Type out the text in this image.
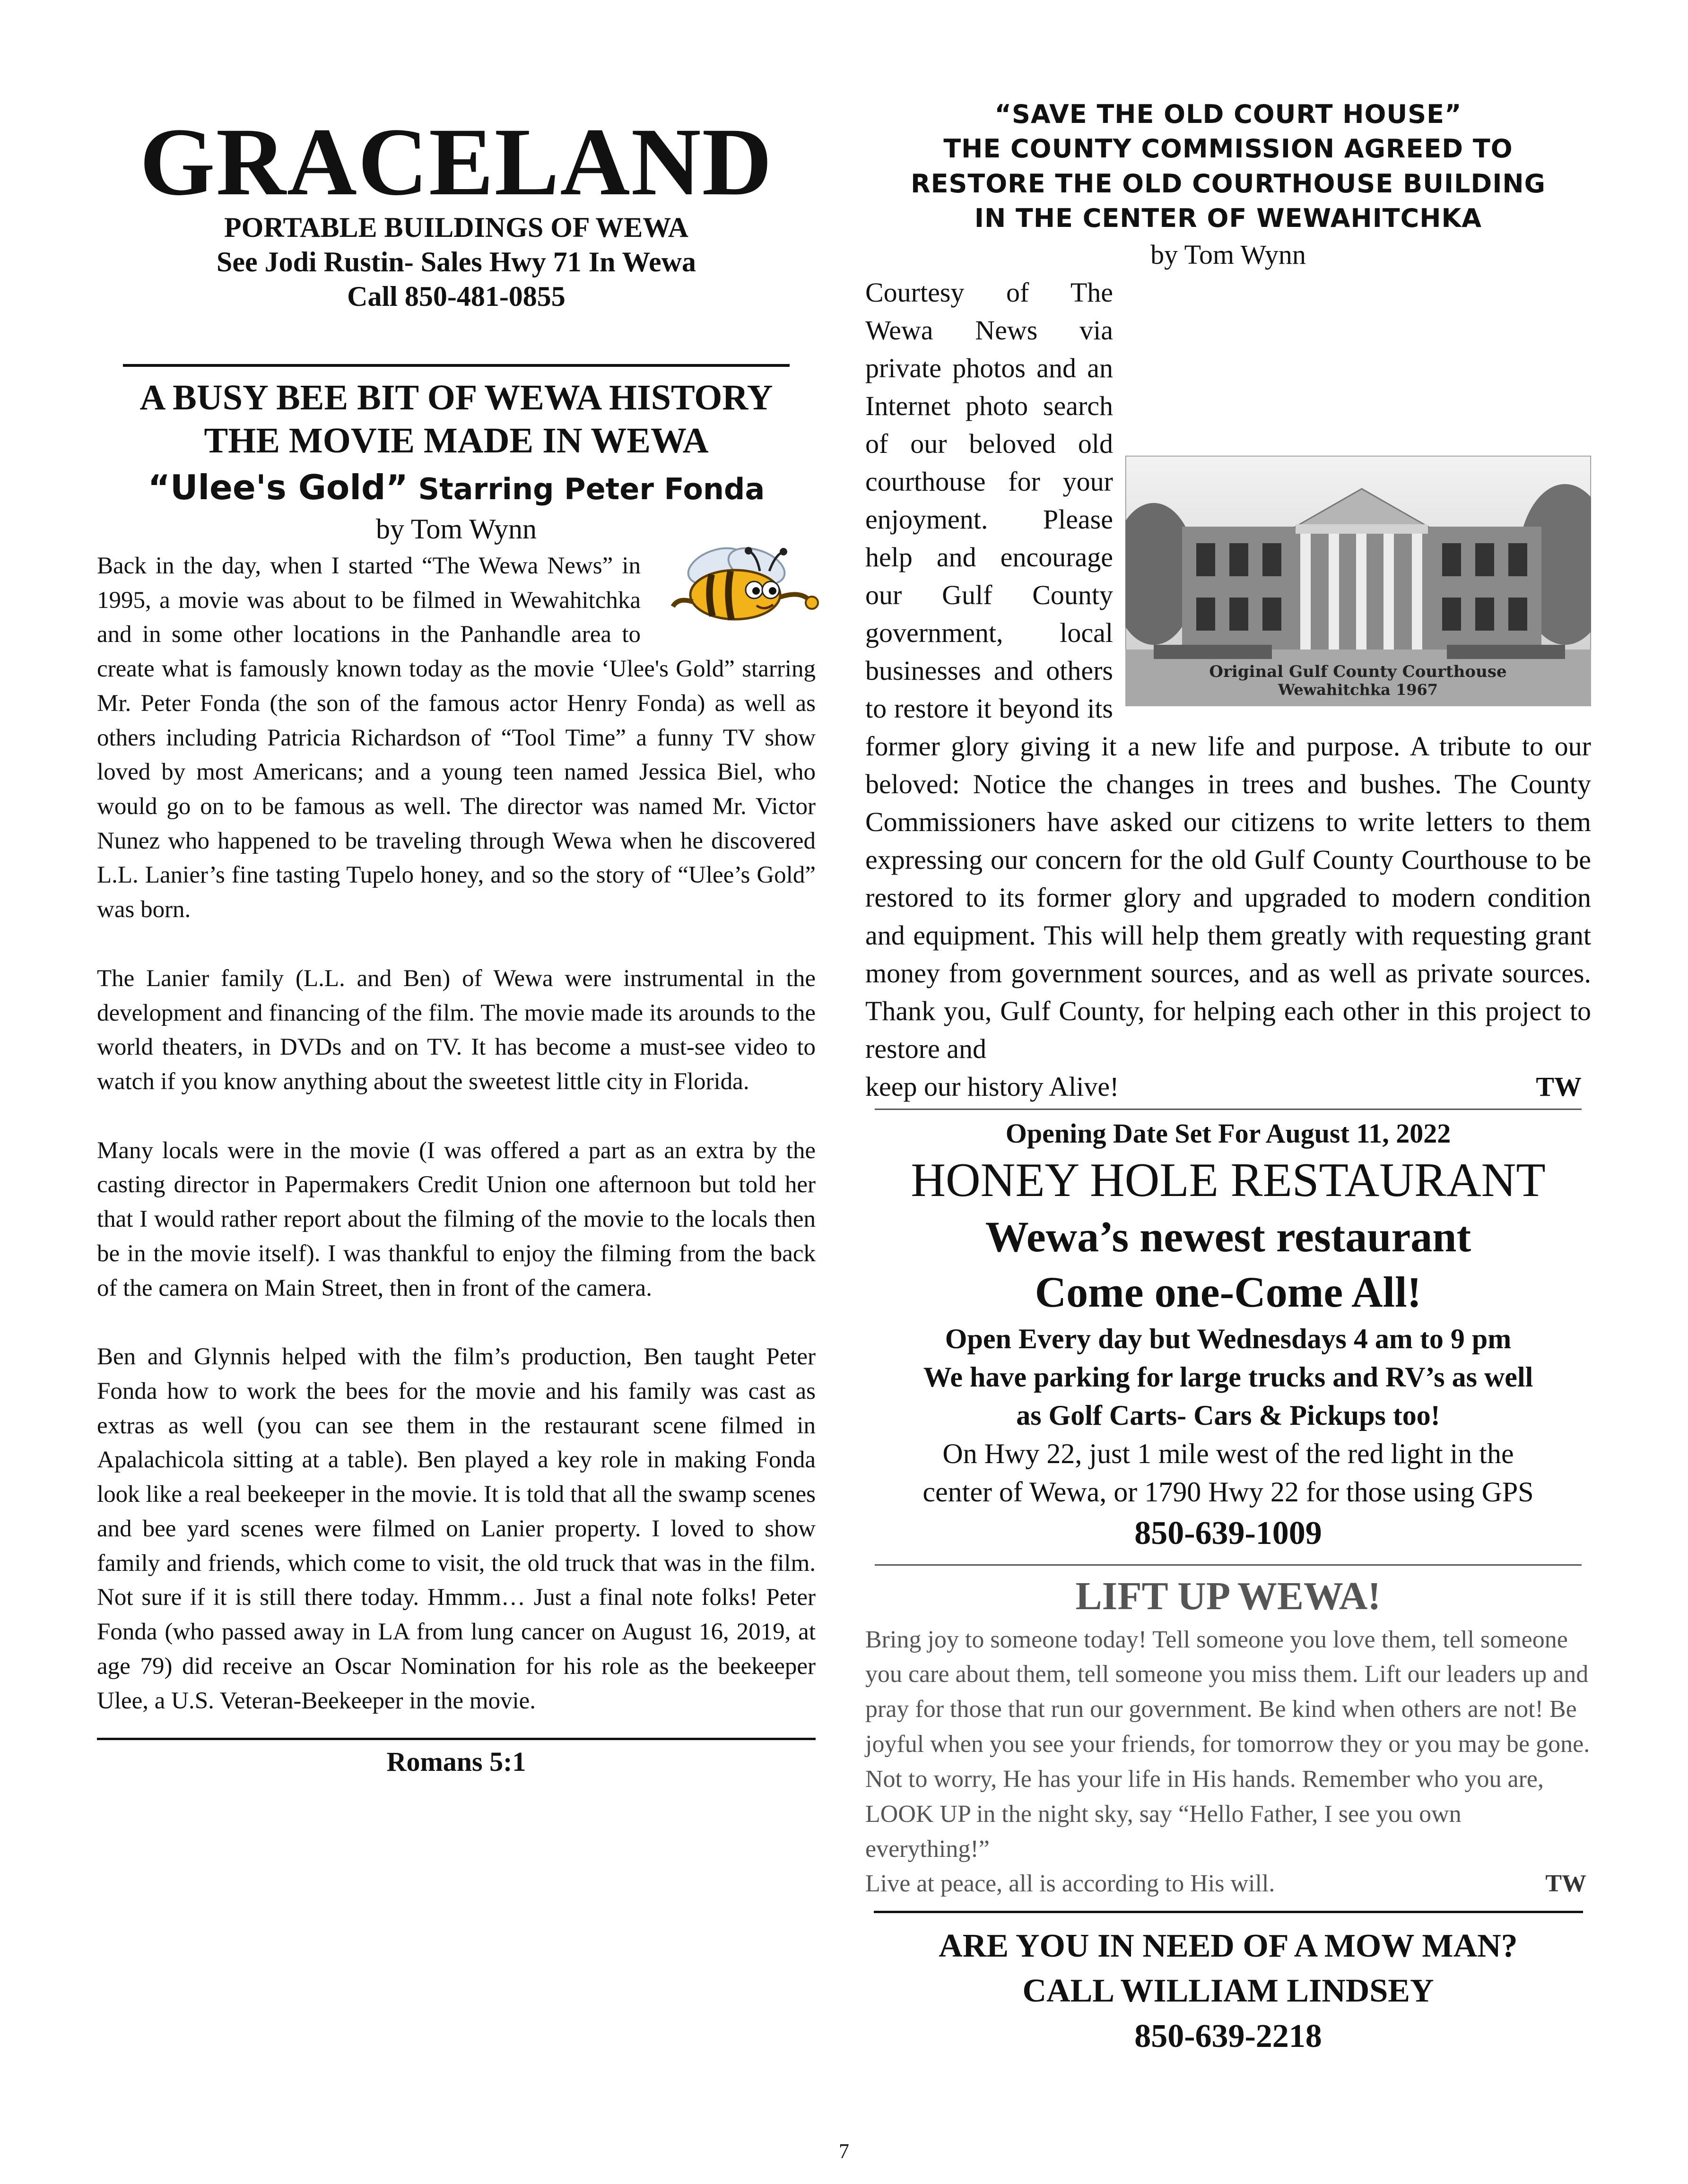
GRACELAND
PORTABLE BUILDINGS OF WEWA
See Jodi Rustin- Sales Hwy 71 In Wewa
Call 850-481-0855
A BUSY BEE BIT OF WEWA HISTORY
THE MOVIE MADE IN WEWA
“Ulee's Gold” Starring Peter Fonda
by Tom Wynn
Back in the day, when I started “The Wewa News” in 1995, a movie was about to be filmed in Wewahitchka and in some other locations in the Panhandle area to create what is famously known today as the movie ‘Ulee's Gold” starring Mr. Peter Fonda (the son of the famous actor Henry Fonda) as well as others including Patricia Richardson of “Tool Time” a funny TV show loved by most Americans; and a young teen named Jessica Biel, who would go on to be famous as well. The director was named Mr. Victor Nunez who happened to be traveling through Wewa when he discovered L.L. Lanier’s fine tasting Tupelo honey, and so the story of “Ulee’s Gold” was born.

The Lanier family (L.L. and Ben) of Wewa were instrumental in the development and financing of the film. The movie made its arounds to the world theaters, in DVDs and on TV. It has become a must-see video to watch if you know anything about the sweetest little city in Florida.

Many locals were in the movie (I was offered a part as an extra by the casting director in Papermakers Credit Union one afternoon but told her that I would rather report about the filming of the movie to the locals then be in the movie itself). I was thankful to enjoy the filming from the back of the camera on Main Street, then in front of the camera.

Ben and Glynnis helped with the film’s production, Ben taught Peter Fonda how to work the bees for the movie and his family was cast as extras as well (you can see them in the restaurant scene filmed in Apalachicola sitting at a table). Ben played a key role in making Fonda look like a real beekeeper in the movie. It is told that all the swamp scenes and bee yard scenes were filmed on Lanier property. I loved to show family and friends, which come to visit, the old truck that was in the film. Not sure if it is still there today. Hmmm… Just a final note folks! Peter Fonda (who passed away in LA from lung cancer on August 16, 2019, at age 79) did receive an Oscar Nomination for his role as the beekeeper Ulee, a U.S. Veteran-Beekeeper in the movie.

Romans 5:1
“SAVE THE OLD COURT HOUSE”
THE COUNTY COMMISSION AGREED TO
RESTORE THE OLD COURTHOUSE BUILDING
IN THE CENTER OF WEWAHITCHKA
by Tom Wynn
Original Gulf County Courthouse
Wewahitchka 1967
Courtesy of The Wewa News via private photos and an Internet photo search of our beloved old courthouse for your enjoyment. Please help and encourage our Gulf County government, local businesses and others to restore it beyond its former glory giving it a new life and purpose. A tribute to our beloved: Notice the changes in trees and bushes. The County Commissioners have asked our citizens to write letters to them expressing our concern for the old Gulf County Courthouse to be restored to its former glory and upgraded to modern condition and equipment. This will help them greatly with requesting grant money from government sources, and as well as private sources. Thank you, Gulf County, for helping each other in this project to restore and
keep our history Alive!	TW
Opening Date Set For August 11, 2022
HONEY HOLE RESTAURANT
Wewa’s newest restaurant
Come one-Come All!
Open Every day but Wednesdays 4 am to 9 pm
We have parking for large trucks and RV’s as well
as Golf Carts- Cars & Pickups too!
On Hwy 22, just 1 mile west of the red light in the
center of Wewa, or 1790 Hwy 22 for those using GPS
850-639-1009
LIFT UP WEWA!

Bring joy to someone today! Tell someone you love them, tell someone you care about them, tell someone you miss them. Lift our leaders up and pray for those that run our government. Be kind when others are not! Be joyful when you see your friends, for tomorrow they or you may be gone. Not to worry, He has your life in His hands. Remember who you are, LOOK UP in the night sky, say “Hello Father, I see you own everything!”

Live at peace, all is according to His will.	TW
ARE YOU IN NEED OF A MOW MAN?
CALL WILLIAM LINDSEY
850-639-2218
7
